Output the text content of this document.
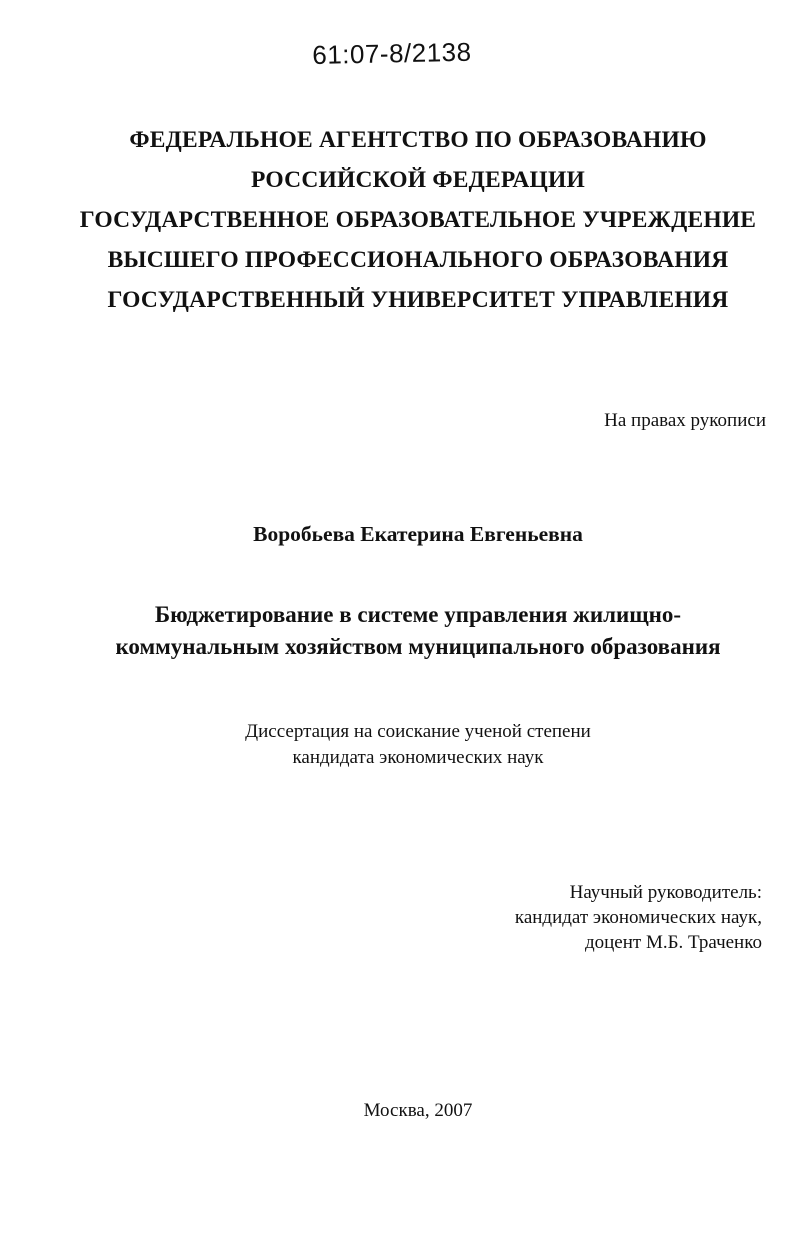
61:07-8/2138
ФЕДЕРАЛЬНОЕ АГЕНТСТВО ПО ОБРАЗОВАНИЮ
РОССИЙСКОЙ ФЕДЕРАЦИИ
ГОСУДАРСТВЕННОЕ ОБРАЗОВАТЕЛЬНОЕ УЧРЕЖДЕНИЕ
ВЫСШЕГО ПРОФЕССИОНАЛЬНОГО ОБРАЗОВАНИЯ
ГОСУДАРСТВЕННЫЙ УНИВЕРСИТЕТ УПРАВЛЕНИЯ
На правах рукописи
Воробьева Екатерина Евгеньевна
Бюджетирование в системе управления жилищно-
коммунальным хозяйством муниципального образования
Диссертация на соискание ученой степени
кандидата экономических наук
Научный руководитель:
кандидат экономических наук,
доцент М.Б. Траченко
Москва, 2007
